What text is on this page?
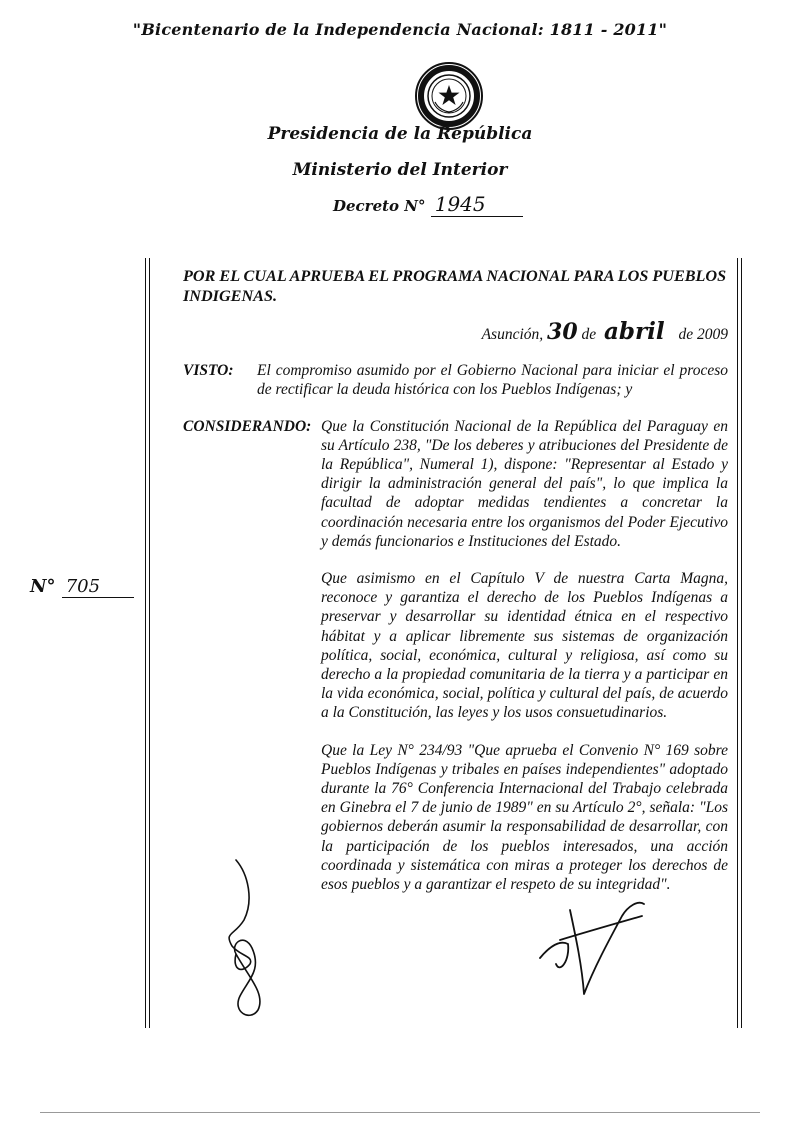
"Bicentenario de la Independencia Nacional: 1811 - 2011"
Presidencia de la República
Ministerio del Interior
Decreto N° 1945
N° 705

POR EL CUAL APRUEBA EL PROGRAMA NACIONAL PARA LOS PUEBLOS INDIGENAS.

Asunción, 30 de abril de 2009
VISTO:	El compromiso asumido por el Gobierno Nacional para iniciar el proceso de rectificar la deuda histórica con los Pueblos Indígenas; y
CONSIDERANDO: Que la Constitución Nacional de la República del Paraguay en su Artículo 238, "De los deberes y atribuciones del Presidente de la República", Numeral 1), dispone: "Representar al Estado y dirigir la administración general del país", lo que implica la facultad de adoptar medidas tendientes a concretar la coordinación necesaria entre los organismos del Poder Ejecutivo y demás funcionarios e Instituciones del Estado.

Que asimismo en el Capítulo V de nuestra Carta Magna, reconoce y garantiza el derecho de los Pueblos Indígenas a preservar y desarrollar su identidad étnica en el respectivo hábitat y a aplicar libremente sus sistemas de organización política, social, económica, cultural y religiosa, así como su derecho a la propiedad comunitaria de la tierra y a participar en la vida económica, social, política y cultural del país, de acuerdo a la Constitución, las leyes y los usos consuetudinarios.

Que la Ley N° 234/93 "Que aprueba el Convenio N° 169 sobre Pueblos Indígenas y tribales en países independientes" adoptado durante la 76° Conferencia Internacional del Trabajo celebrada en Ginebra el 7 de junio de 1989" en su Artículo 2°, señala: "Los gobiernos deberán asumir la responsabilidad de desarrollar, con la participación de los pueblos interesados, una acción coordinada y sistemática con miras a proteger los derechos de esos pueblos y a garantizar el respeto de su integridad".
